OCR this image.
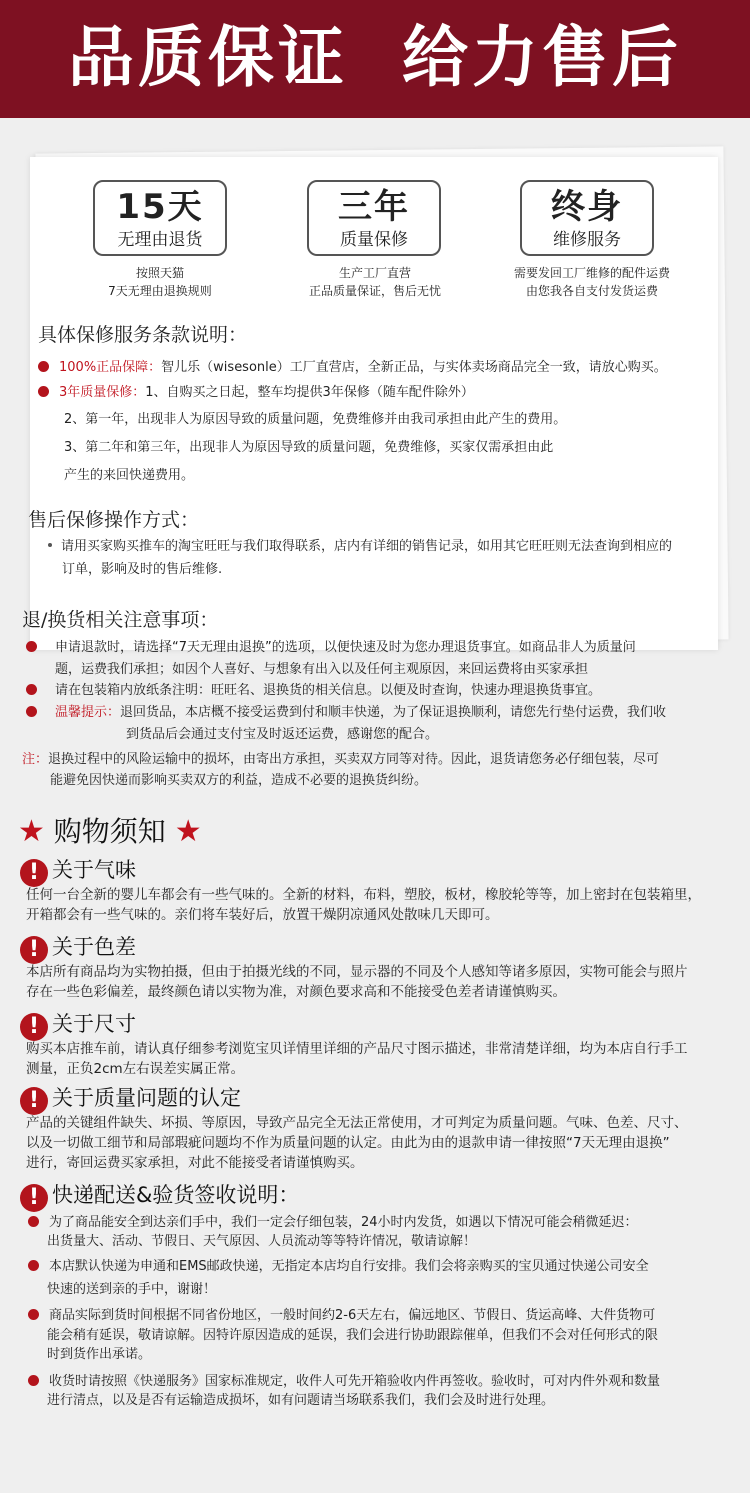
品质保证  给力售后
15天
无理由退货
按照天猫
7天无理由退换规则
三年
质量保修
生产工厂直营
正品质量保证，售后无忧
终身
维修服务
需要发回工厂维修的配件运费
由您我各自支付发货运费
具体保修服务条款说明：
100%正品保障：智儿乐（wisesonle）工厂直营店，全新正品，与实体卖场商品完全一致，请放心购买。
3年质量保修：1、自购买之日起，整车均提供3年保修（随车配件除外）
2、第一年，出现非人为原因导致的质量问题，免费维修并由我司承担由此产生的费用。
3、第二年和第三年，出现非人为原因导致的质量问题，免费维修，买家仅需承担由此
产生的来回快递费用。
售后保修操作方式：
请用买家购买推车的淘宝旺旺与我们取得联系，店内有详细的销售记录，如用其它旺旺则无法查询到相应的
订单，影响及时的售后维修.
退/换货相关注意事项：
申请退款时，请选择“7天无理由退换”的选项，以便快速及时为您办理退货事宜。如商品非人为质量问
题，运费我们承担；如因个人喜好、与想象有出入以及任何主观原因，来回运费将由买家承担
请在包装箱内放纸条注明：旺旺名、退换货的相关信息。以便及时查询，快速办理退换货事宜。
温馨提示：退回货品，本店概不接受运费到付和顺丰快递，为了保证退换顺利，请您先行垫付运费，我们收
到货品后会通过支付宝及时返还运费，感谢您的配合。
注：退换过程中的风险运输中的损坏，由寄出方承担，买卖双方同等对待。因此，退货请您务必仔细包装，尽可
能避免因快递而影响买卖双方的利益，造成不必要的退换货纠纷。
★ 购物须知 ★
! 关于气味
任何一台全新的婴儿车都会有一些气味的。全新的材料，布料，塑胶，板材，橡胶轮等等，加上密封在包装箱里，
开箱都会有一些气味的。亲们将车装好后，放置干燥阴凉通风处散味几天即可。
! 关于色差
本店所有商品均为实物拍摄，但由于拍摄光线的不同，显示器的不同及个人感知等诸多原因，实物可能会与照片
存在一些色彩偏差，最终颜色请以实物为准，对颜色要求高和不能接受色差者请谨慎购买。
! 关于尺寸
购买本店推车前，请认真仔细参考浏览宝贝详情里详细的产品尺寸图示描述，非常清楚详细，均为本店自行手工
测量，正负2cm左右误差实属正常。
! 关于质量问题的认定
产品的关键组件缺失、坏损、等原因，导致产品完全无法正常使用，才可判定为质量问题。气味、色差、尺寸、
以及一切做工细节和局部瑕疵问题均不作为质量问题的认定。由此为由的退款申请一律按照“7天无理由退换”
进行，寄回运费买家承担，对此不能接受者请谨慎购买。
! 快递配送&验货签收说明：
为了商品能安全到达亲们手中，我们一定会仔细包装，24小时内发货，如遇以下情况可能会稍微延迟：
出货量大、活动、节假日、天气原因、人员流动等等特许情况，敬请谅解！
本店默认快递为申通和EMS邮政快递，无指定本店均自行安排。我们会将亲购买的宝贝通过快递公司安全
快速的送到亲的手中，谢谢！
商品实际到货时间根据不同省份地区，一般时间约2-6天左右，偏远地区、节假日、货运高峰、大件货物可
能会稍有延误，敬请谅解。因特许原因造成的延误，我们会进行协助跟踪催单，但我们不会对任何形式的限
时到货作出承诺。
收货时请按照《快递服务》国家标准规定，收件人可先开箱验收内件再签收。验收时，可对内件外观和数量
进行清点，以及是否有运输造成损坏，如有问题请当场联系我们，我们会及时进行处理。
